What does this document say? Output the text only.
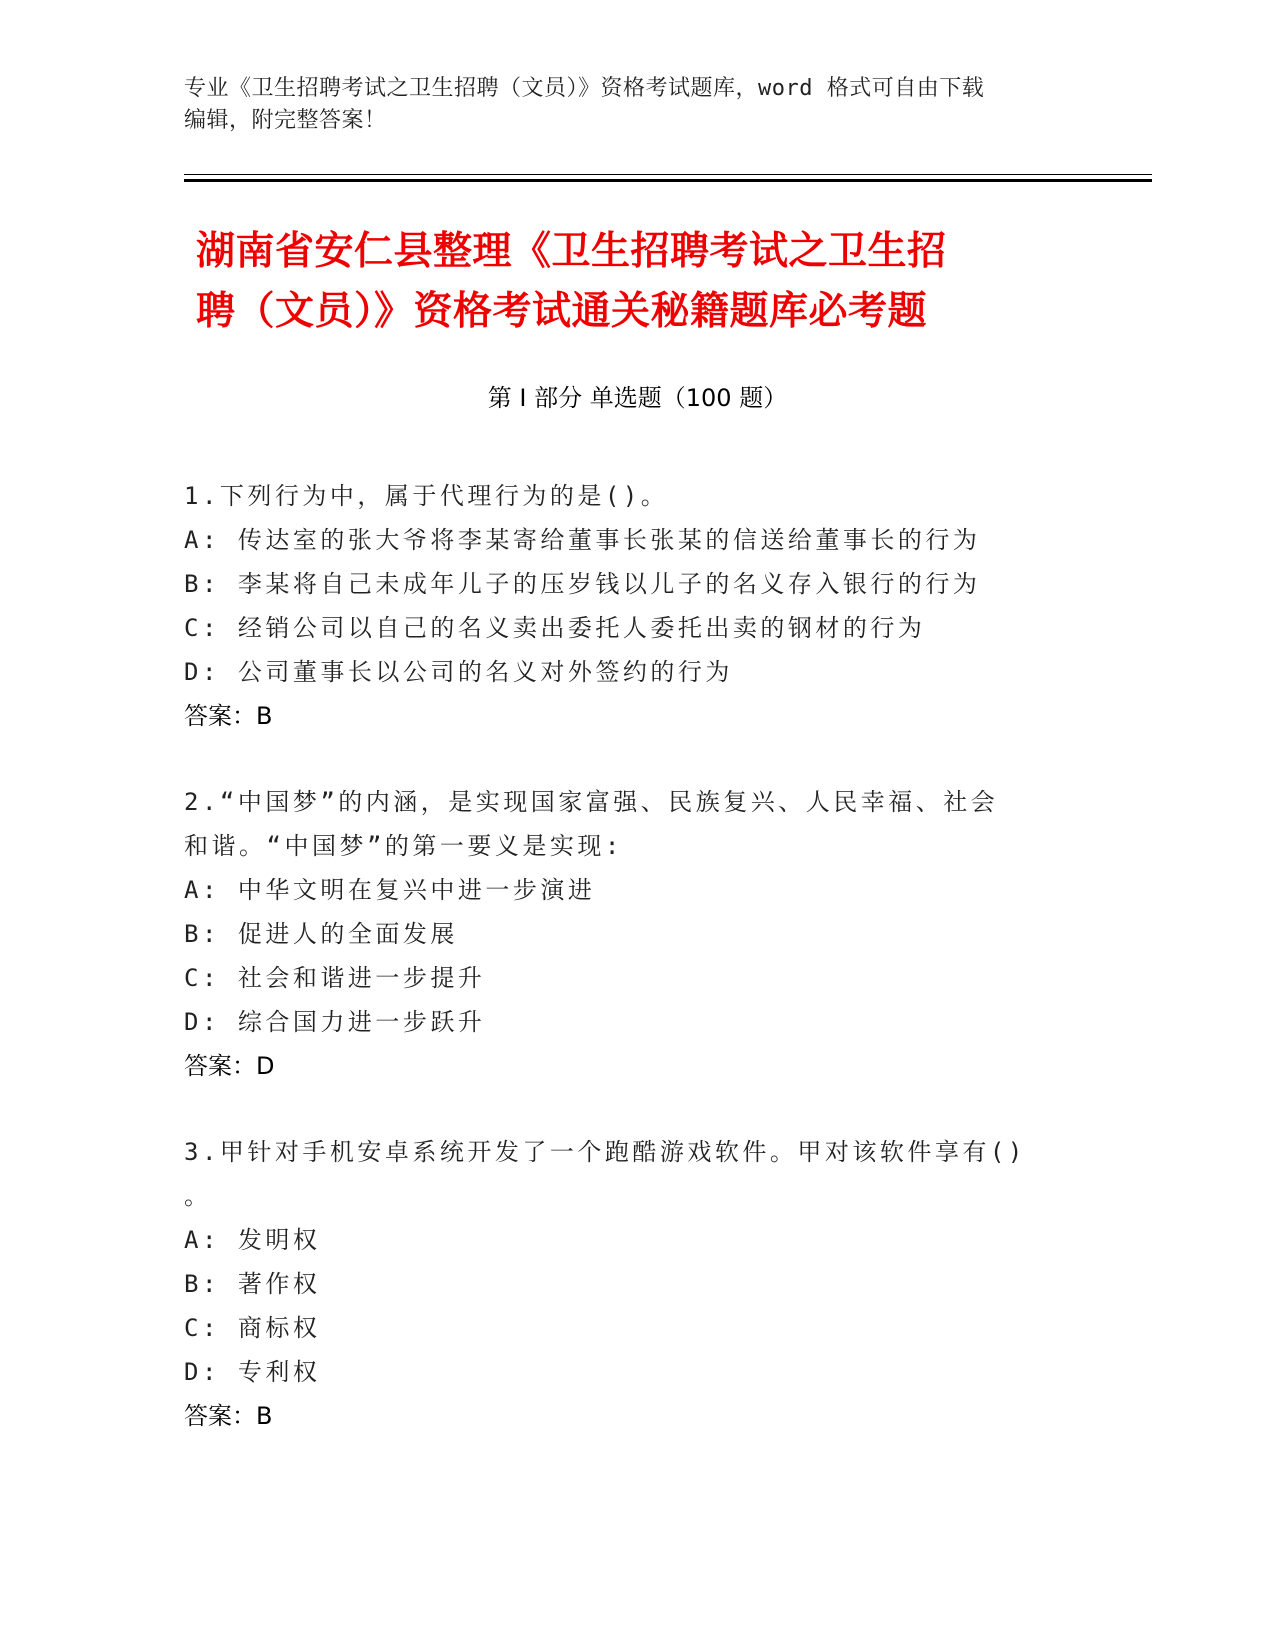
专业《卫生招聘考试之卫生招聘（文员）》资格考试题库，word 格式可自由下载
编辑，附完整答案！
湖南省安仁县整理《卫生招聘考试之卫生招
聘（文员）》资格考试通关秘籍题库必考题
第 I 部分 单选题（100 题）
1.下列行为中，属于代理行为的是()。
A: 传达室的张大爷将李某寄给董事长张某的信送给董事长的行为
B: 李某将自己未成年儿子的压岁钱以儿子的名义存入银行的行为
C: 经销公司以自己的名义卖出委托人委托出卖的钢材的行为
D: 公司董事长以公司的名义对外签约的行为
答案：B
2.“中国梦”的内涵，是实现国家富强、民族复兴、人民幸福、社会
和谐。“中国梦”的第一要义是实现:
A: 中华文明在复兴中进一步演进
B: 促进人的全面发展
C: 社会和谐进一步提升
D: 综合国力进一步跃升
答案：D
3.甲针对手机安卓系统开发了一个跑酷游戏软件。甲对该软件享有()
。
A: 发明权
B: 著作权
C: 商标权
D: 专利权
答案：B
